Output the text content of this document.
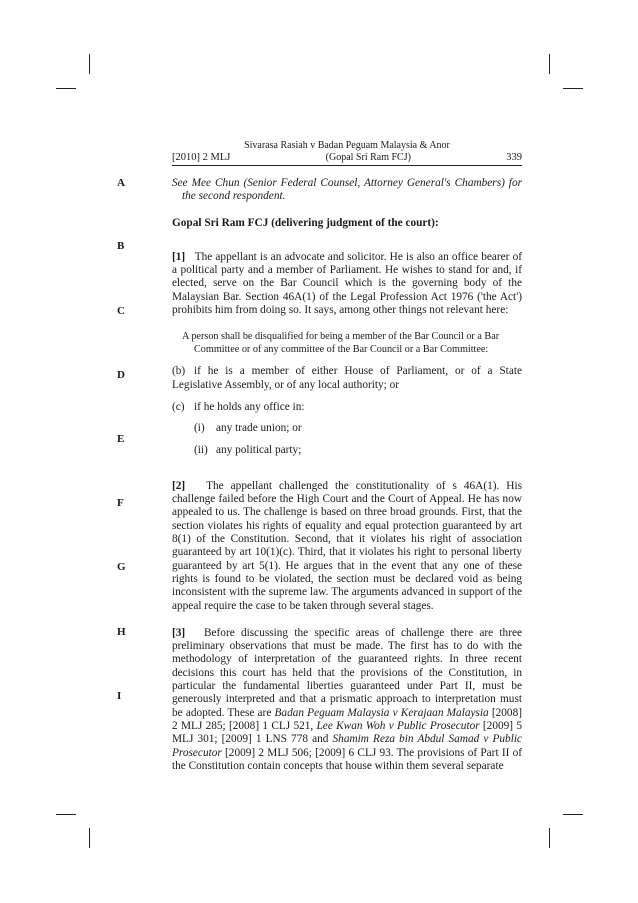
Sivarasa Rasiah v Badan Peguam Malaysia & Anor
[2010] 2 MLJ	(Gopal Sri Ram FCJ)	339
A
B
C
D
E
F
G
H
I

See Mee Chun (Senior Federal Counsel, Attorney General's Chambers) for the second respondent.

Gopal Sri Ram FCJ (delivering judgment of the court):

[1] The appellant is an advocate and solicitor. He is also an office bearer of a political party and a member of Parliament. He wishes to stand for and, if elected, serve on the Bar Council which is the governing body of the Malaysian Bar. Section 46A(1) of the Legal Profession Act 1976 ('the Act') prohibits him from doing so. It says, among other things not relevant here:

A person shall be disqualified for being a member of the Bar Council or a Bar
Committee or of any committee of the Bar Council or a Bar Committee:

(b) if he is a member of either House of Parliament, or of a State Legislative Assembly, or of any local authority; or

(c) if he holds any office in:

(i) any trade union; or

(ii) any political party;

[2] The appellant challenged the constitutionality of s 46A(1). His challenge failed before the High Court and the Court of Appeal. He has now appealed to us. The challenge is based on three broad grounds. First, that the section violates his rights of equality and equal protection guaranteed by art 8(1) of the Constitution. Second, that it violates his right of association guaranteed by art 10(1)(c). Third, that it violates his right to personal liberty guaranteed by art 5(1). He argues that in the event that any one of these rights is found to be violated, the section must be declared void as being inconsistent with the supreme law. The arguments advanced in support of the appeal require the case to be taken through several stages.

[3] Before discussing the specific areas of challenge there are three preliminary observations that must be made. The first has to do with the methodology of interpretation of the guaranteed rights. In three recent decisions this court has held that the provisions of the Constitution, in particular the fundamental liberties guaranteed under Part II, must be generously interpreted and that a prismatic approach to interpretation must be adopted. These are Badan Peguam Malaysia v Kerajaan Malaysia [2008] 2 MLJ 285; [2008] 1 CLJ 521, Lee Kwan Woh v Public Prosecutor [2009] 5 MLJ 301; [2009] 1 LNS 778 and Shamim Reza bin Abdul Samad v Public Prosecutor [2009] 2 MLJ 506; [2009] 6 CLJ 93. The provisions of Part II of the Constitution contain concepts that house within them several separate
